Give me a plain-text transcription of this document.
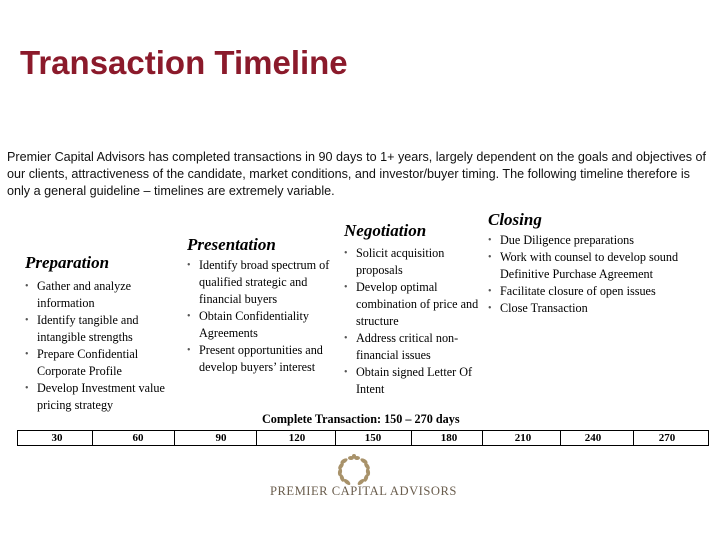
Transaction Timeline
Premier Capital Advisors has completed transactions in 90 days to 1+ years, largely dependent on the goals and objectives of our clients, attractiveness of the candidate, market conditions, and investor/buyer timing. The following timeline therefore is only a general guideline – timelines are extremely variable.
Preparation
• Gather and analyze information
• Identify tangible and intangible strengths
• Prepare Confidential Corporate Profile
• Develop Investment value pricing strategy
Presentation
• Identify broad spectrum of qualified strategic and financial buyers
• Obtain Confidentiality Agreements
• Present opportunities and develop buyers’ interest
Negotiation
• Solicit acquisition proposals
• Develop optimal combination of price and structure
• Address critical non-financial issues
• Obtain signed Letter Of Intent
Closing
• Due Diligence preparations
• Work with counsel to develop sound Definitive Purchase Agreement
• Facilitate closure of open issues
• Close Transaction
Complete Transaction: 150 – 270 days
30	60	90	120	150	180	210	240	270
PREMIER CAPITAL ADVISORS
